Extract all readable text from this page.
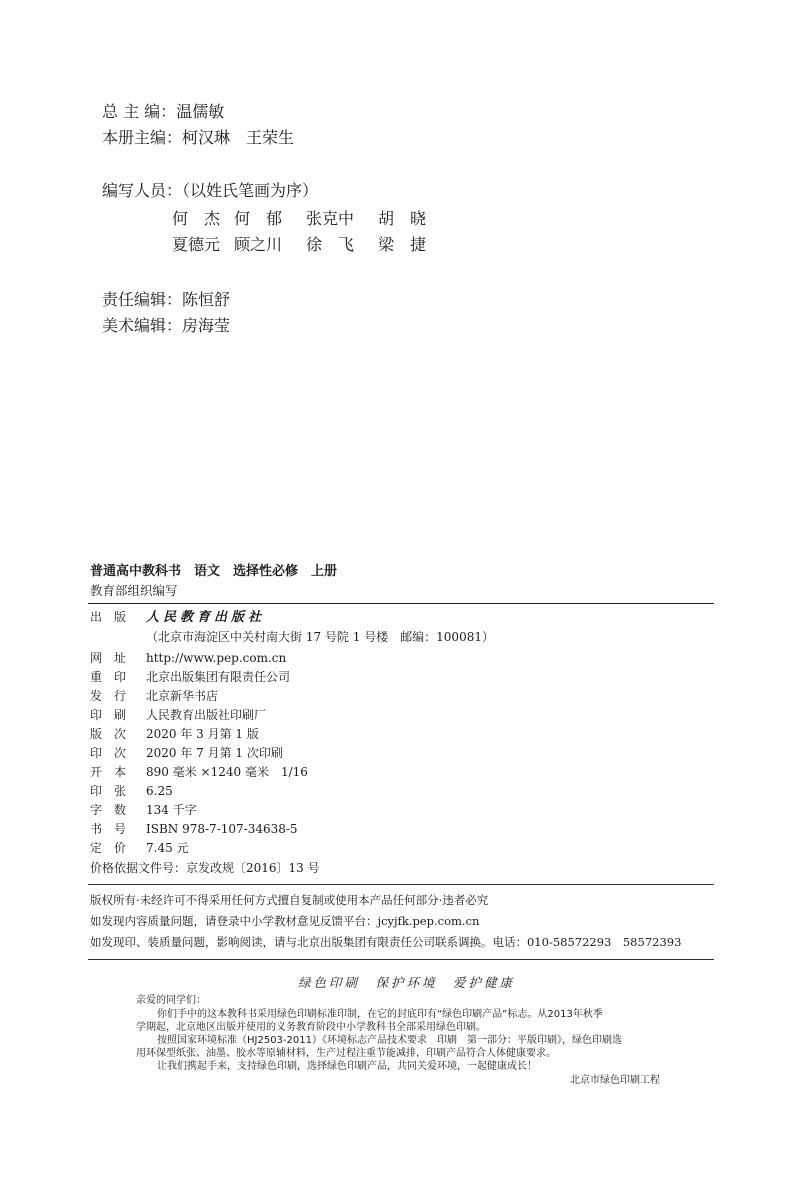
总 主 编：温儒敏
本册主编：柯汉琳　王荣生
编写人员：（以姓氏笔画为序）
何　杰 何　郁 张克中 胡　晓
夏德元 顾之川 徐　飞 梁　捷
责任编辑：陈恒舒
美术编辑：房海莹
普通高中教科书　语文　选择性必修　上册
教育部组织编写
出　版 人民教育出版社
（北京市海淀区中关村南大街 17 号院 1 号楼　邮编：100081）
网　址 http://www.pep.com.cn
重　印 北京出版集团有限责任公司
发　行 北京新华书店
印　刷 人民教育出版社印刷厂
版　次 2020 年 3 月第 1 版
印　次 2020 年 7 月第 1 次印刷
开　本 890 毫米 ×1240 毫米　1/16
印　张 6.25
字　数 134 千字
书　号 ISBN 978-7-107-34638-5
定　价 7.45 元
价格依据文件号：京发改规〔2016〕13 号
版权所有·未经许可不得采用任何方式擅自复制或使用本产品任何部分·违者必究
如发现内容质量问题，请登录中小学教材意见反馈平台：jcyjfk.pep.com.cn
如发现印、装质量问题，影响阅读，请与北京出版集团有限责任公司联系调换。电话：010-58572293　58572393
绿色印刷　保护环境　爱护健康
亲爱的同学们：
你们手中的这本教科书采用绿色印刷标准印制，在它的封底印有“绿色印刷产品”标志。从2013年秋季
学期起，北京地区出版并使用的义务教育阶段中小学教科书全部采用绿色印刷。
按照国家环境标准（HJ2503-2011）《环境标志产品技术要求　印刷　第一部分：平版印刷》，绿色印刷选
用环保型纸张、油墨、胶水等原辅材料，生产过程注重节能减排，印刷产品符合人体健康要求。
让我们携起手来，支持绿色印刷，选择绿色印刷产品，共同关爱环境，一起健康成长！
北京市绿色印刷工程
